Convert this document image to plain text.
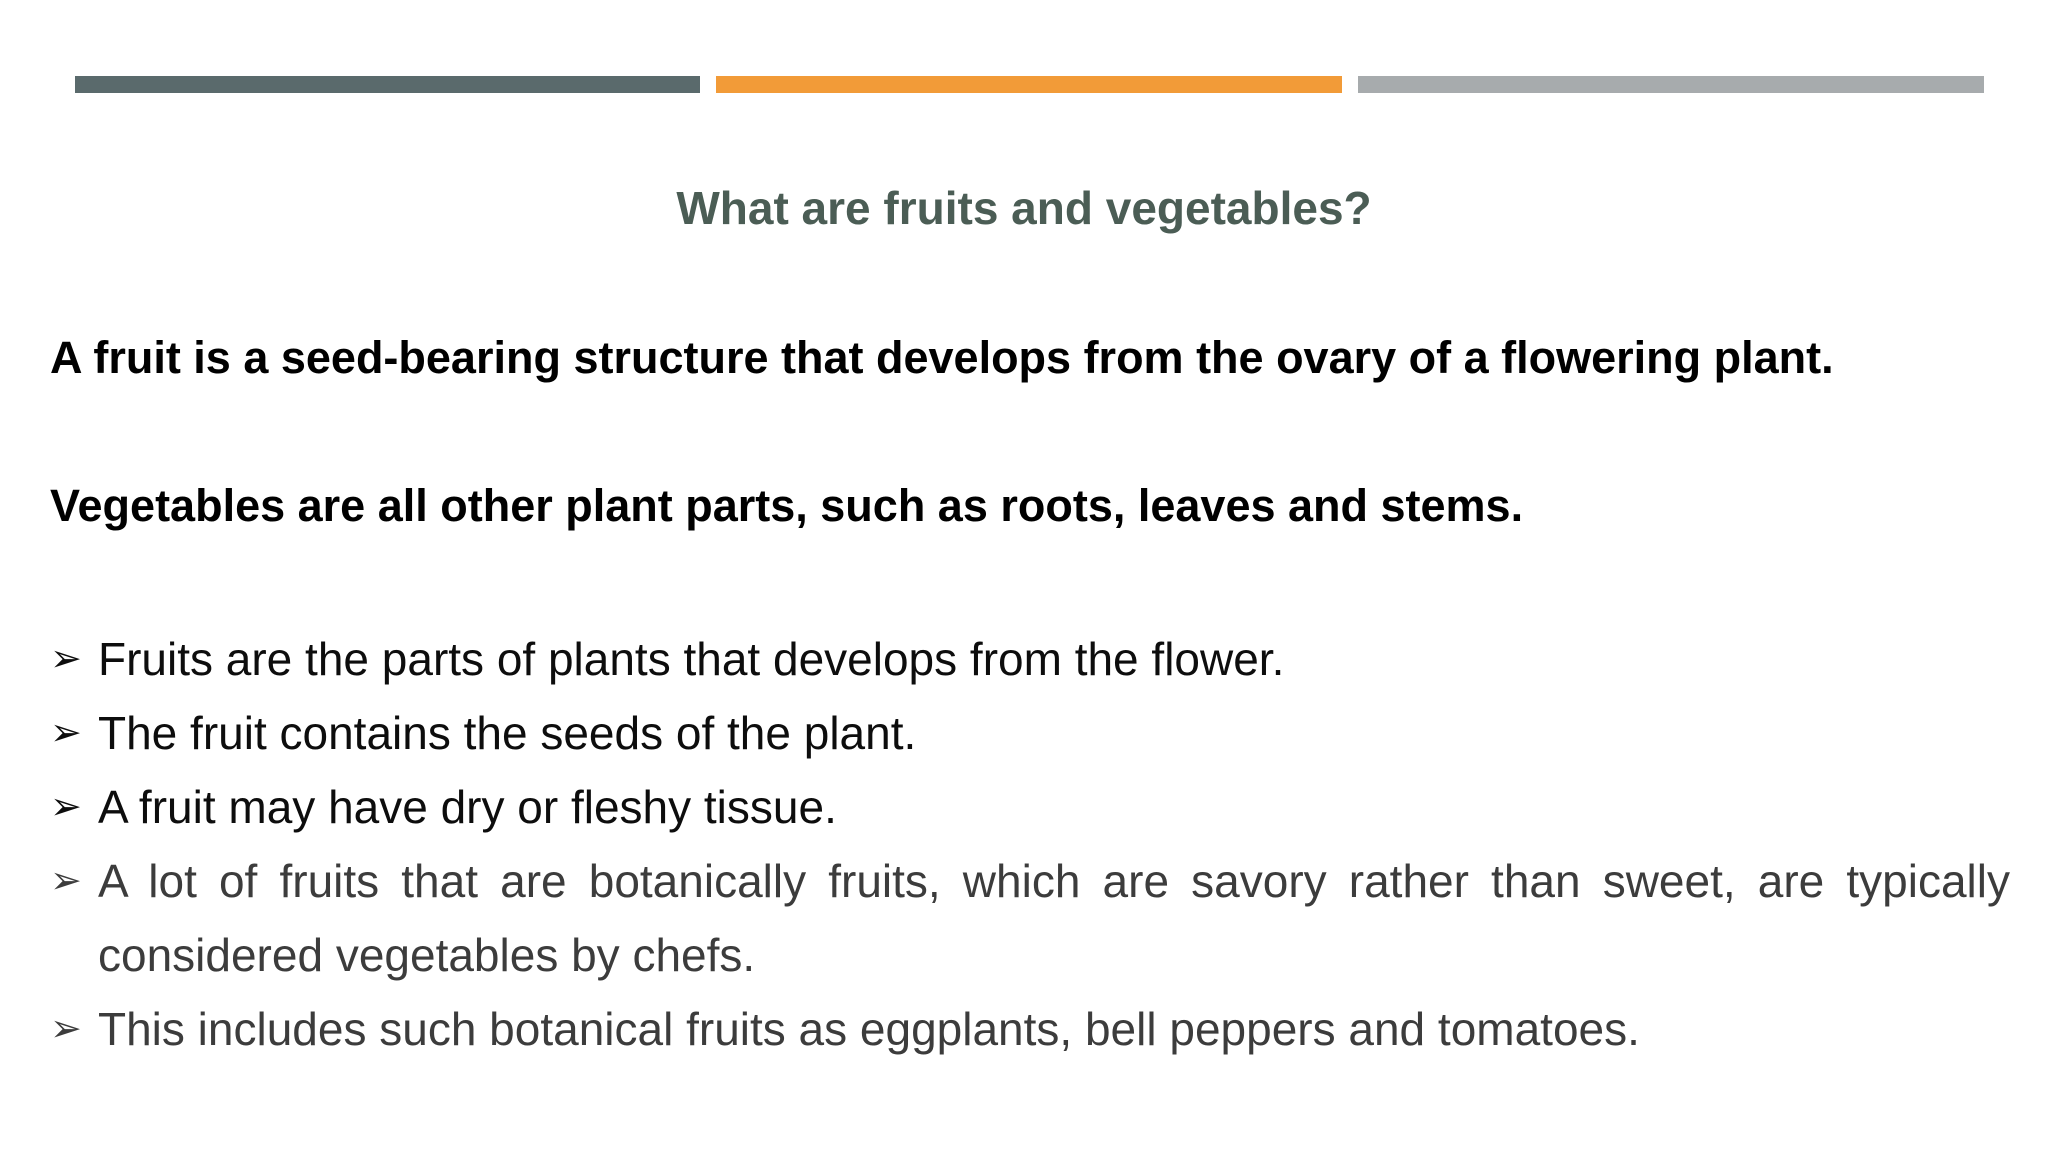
What are fruits and vegetables?
A fruit is a seed-bearing structure that develops from the ovary of a flowering plant.
Vegetables are all other plant parts, such as roots, leaves and stems.
➢ Fruits are the parts of plants that develops from the flower.
➢ The fruit contains the seeds of the plant.
➢ A fruit may have dry or fleshy tissue.
➢ A lot of fruits that are botanically fruits, which are savory rather than sweet, are typically considered vegetables by chefs.
➢ This includes such botanical fruits as eggplants, bell peppers and tomatoes.
